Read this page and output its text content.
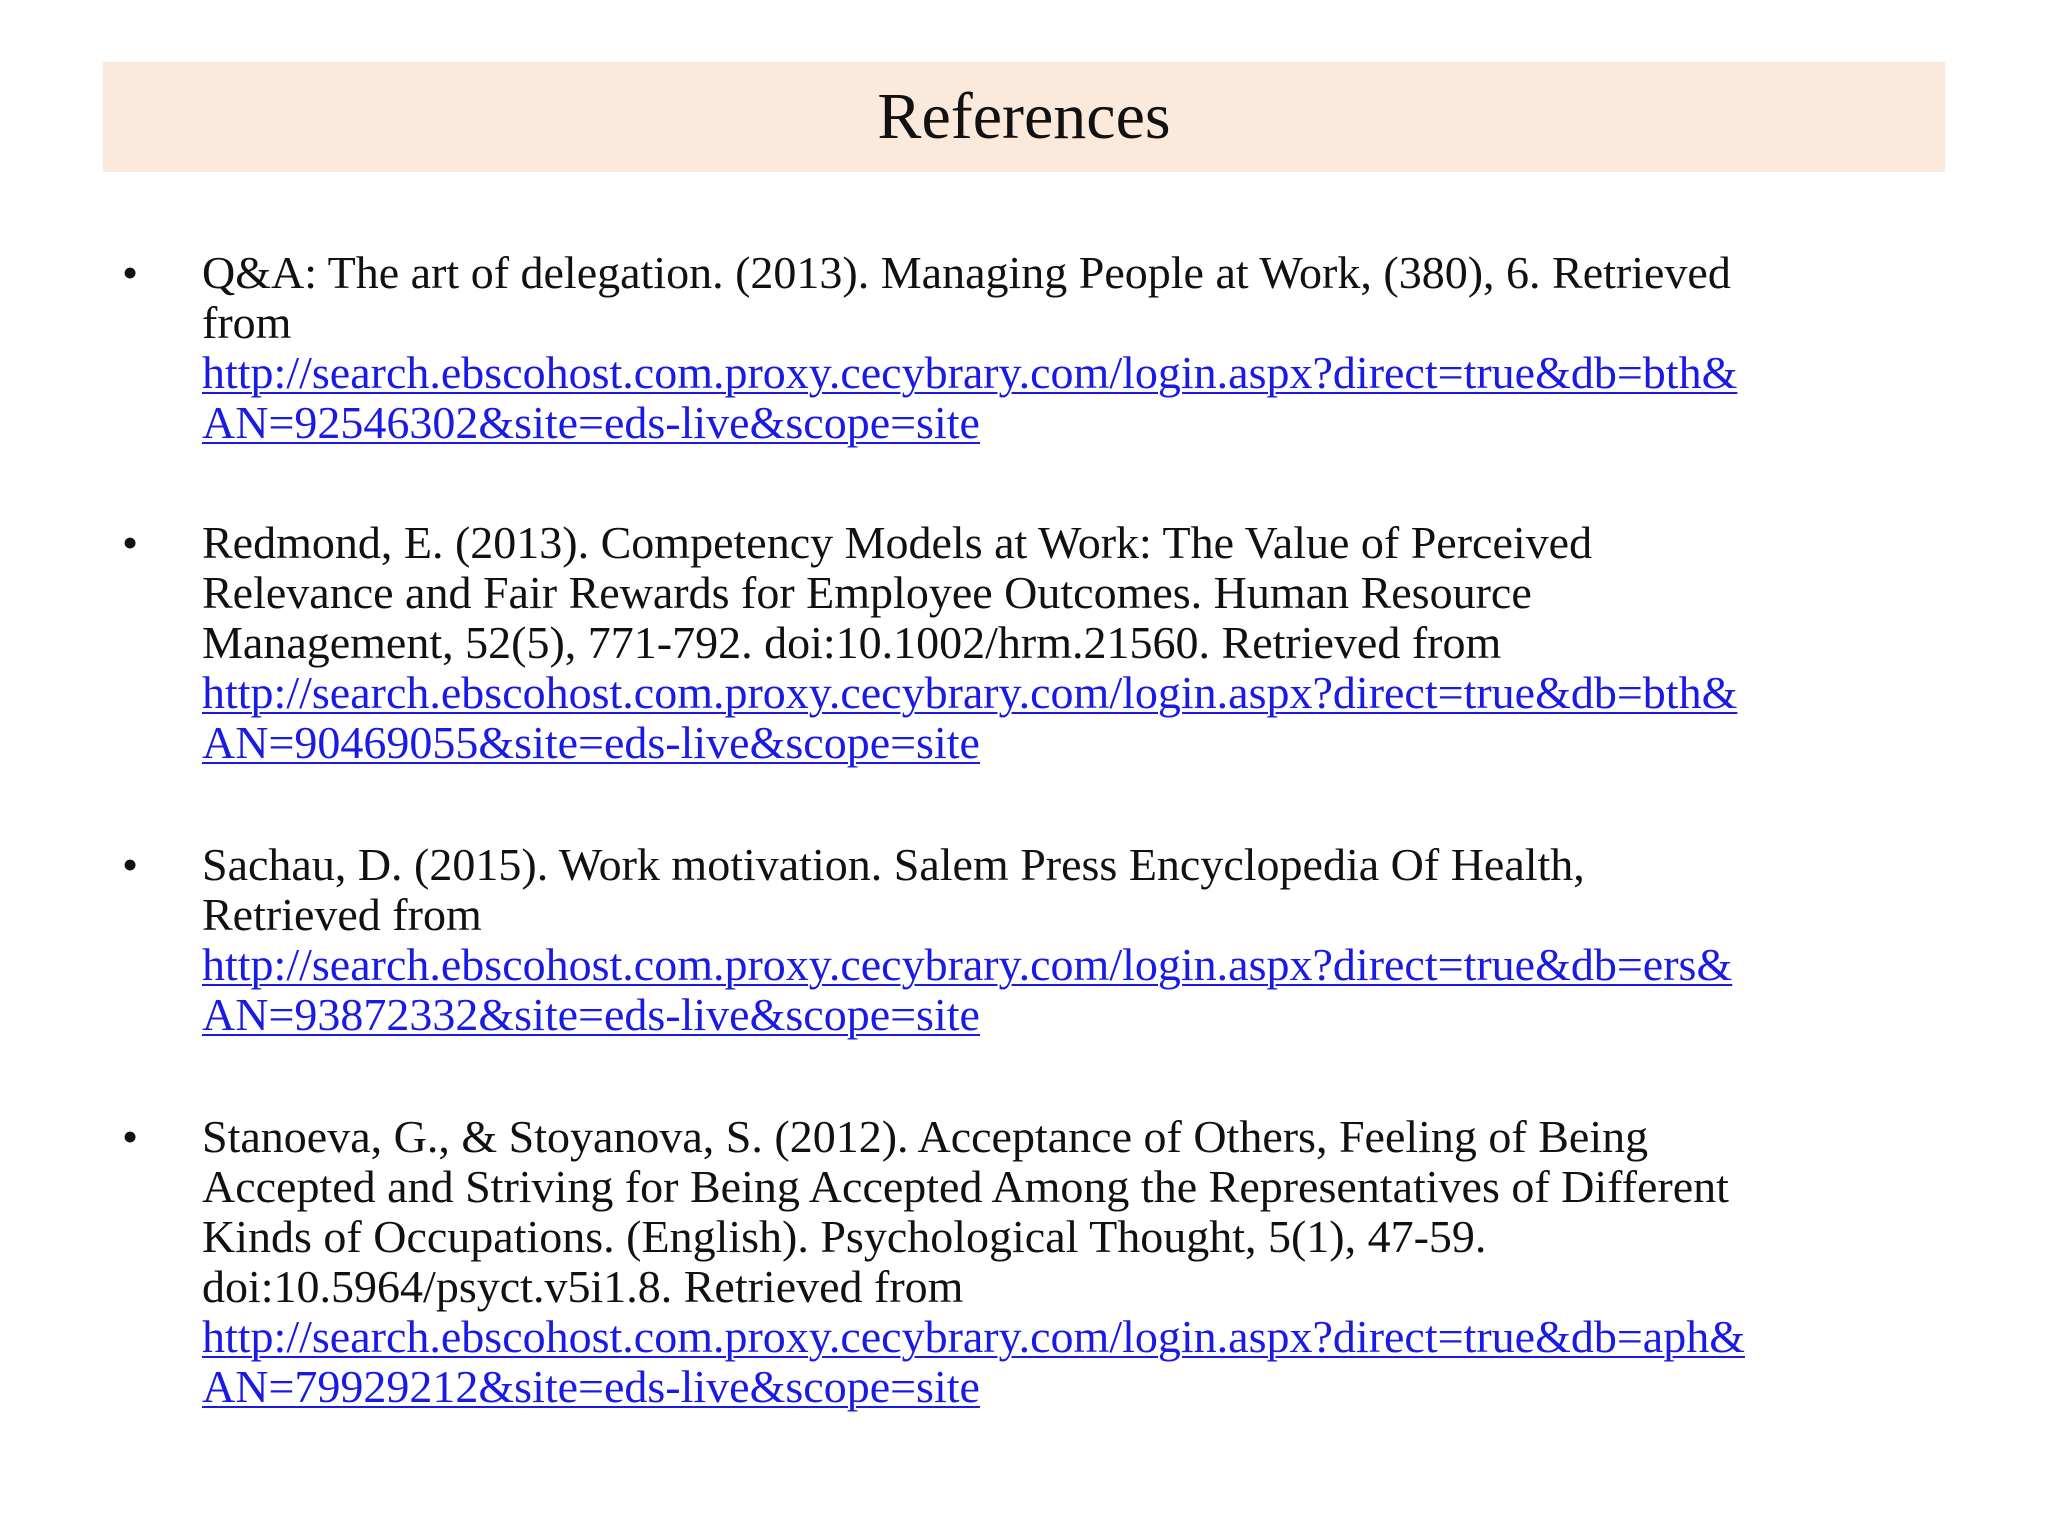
References
• Q&A: The art of delegation. (2013). Managing People at Work, (380), 6. Retrieved
from
http://search.ebscohost.com.proxy.cecybrary.com/login.aspx?direct=true&db=bth&
AN=92546302&site=eds-live&scope=site
• Redmond, E. (2013). Competency Models at Work: The Value of Perceived
Relevance and Fair Rewards for Employee Outcomes. Human Resource
Management, 52(5), 771-792. doi:10.1002/hrm.21560. Retrieved from
http://search.ebscohost.com.proxy.cecybrary.com/login.aspx?direct=true&db=bth&
AN=90469055&site=eds-live&scope=site
• Sachau, D. (2015). Work motivation. Salem Press Encyclopedia Of Health,
Retrieved from
http://search.ebscohost.com.proxy.cecybrary.com/login.aspx?direct=true&db=ers&
AN=93872332&site=eds-live&scope=site
• Stanoeva, G., & Stoyanova, S. (2012). Acceptance of Others, Feeling of Being
Accepted and Striving for Being Accepted Among the Representatives of Different
Kinds of Occupations. (English). Psychological Thought, 5(1), 47-59.
doi:10.5964/psyct.v5i1.8. Retrieved from
http://search.ebscohost.com.proxy.cecybrary.com/login.aspx?direct=true&db=aph&
AN=79929212&site=eds-live&scope=site
